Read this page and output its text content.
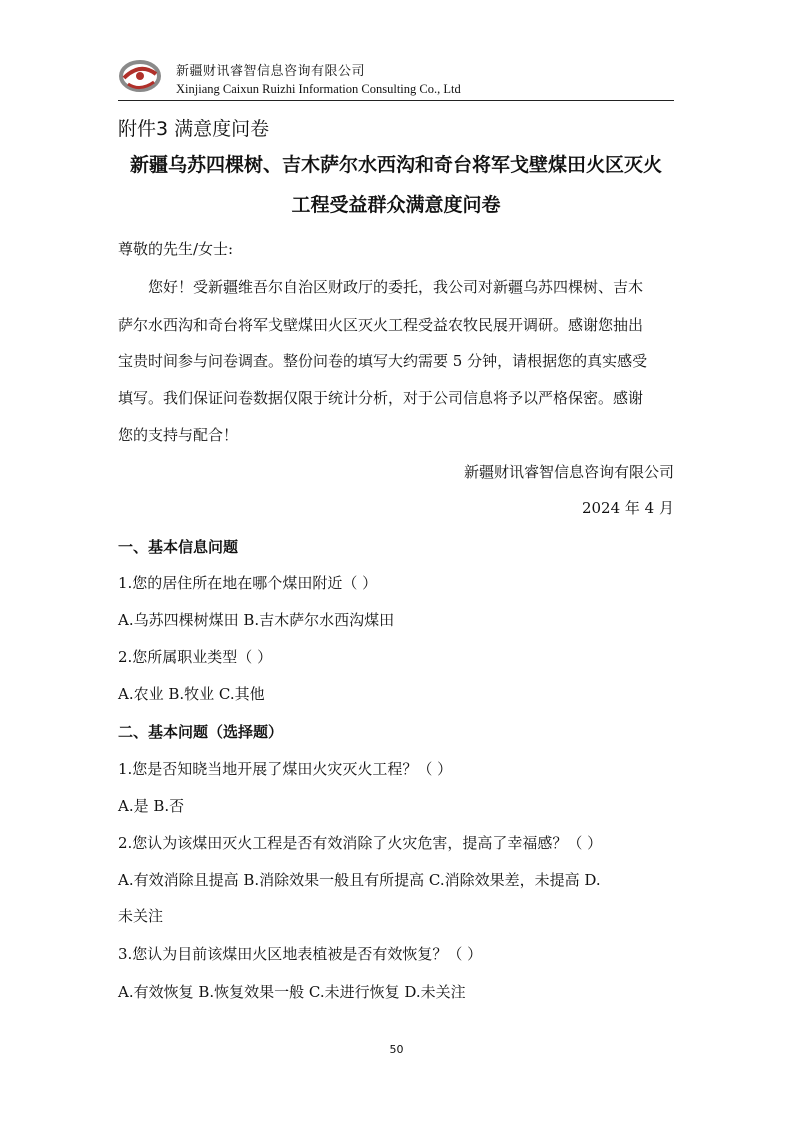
新疆财讯睿智信息咨询有限公司
Xinjiang Caixun Ruizhi Information Consulting Co., Ltd
附件3 满意度问卷
新疆乌苏四棵树、吉木萨尔水西沟和奇台将军戈壁煤田火区灭火
工程受益群众满意度问卷
尊敬的先生/女士:
您好！受新疆维吾尔自治区财政厅的委托，我公司对新疆乌苏四棵树、吉木
萨尔水西沟和奇台将军戈壁煤田火区灭火工程受益农牧民展开调研。感谢您抽出
宝贵时间参与问卷调查。整份问卷的填写大约需要 5 分钟，请根据您的真实感受
填写。我们保证问卷数据仅限于统计分析，对于公司信息将予以严格保密。感谢
您的支持与配合！
新疆财讯睿智信息咨询有限公司
2024 年 4 月
一、基本信息问题
1.您的居住所在地在哪个煤田附近（ ）
A.乌苏四棵树煤田 B.吉木萨尔水西沟煤田
2.您所属职业类型（ ）
A.农业 B.牧业 C.其他
二、基本问题（选择题）
1.您是否知晓当地开展了煤田火灾灭火工程？（ ）
A.是 B.否
2.您认为该煤田灭火工程是否有效消除了火灾危害，提高了幸福感？（ ）
A.有效消除且提高 B.消除效果一般且有所提高 C.消除效果差，未提高 D.
未关注
3.您认为目前该煤田火区地表植被是否有效恢复？（ ）
A.有效恢复 B.恢复效果一般 C.未进行恢复 D.未关注
50
